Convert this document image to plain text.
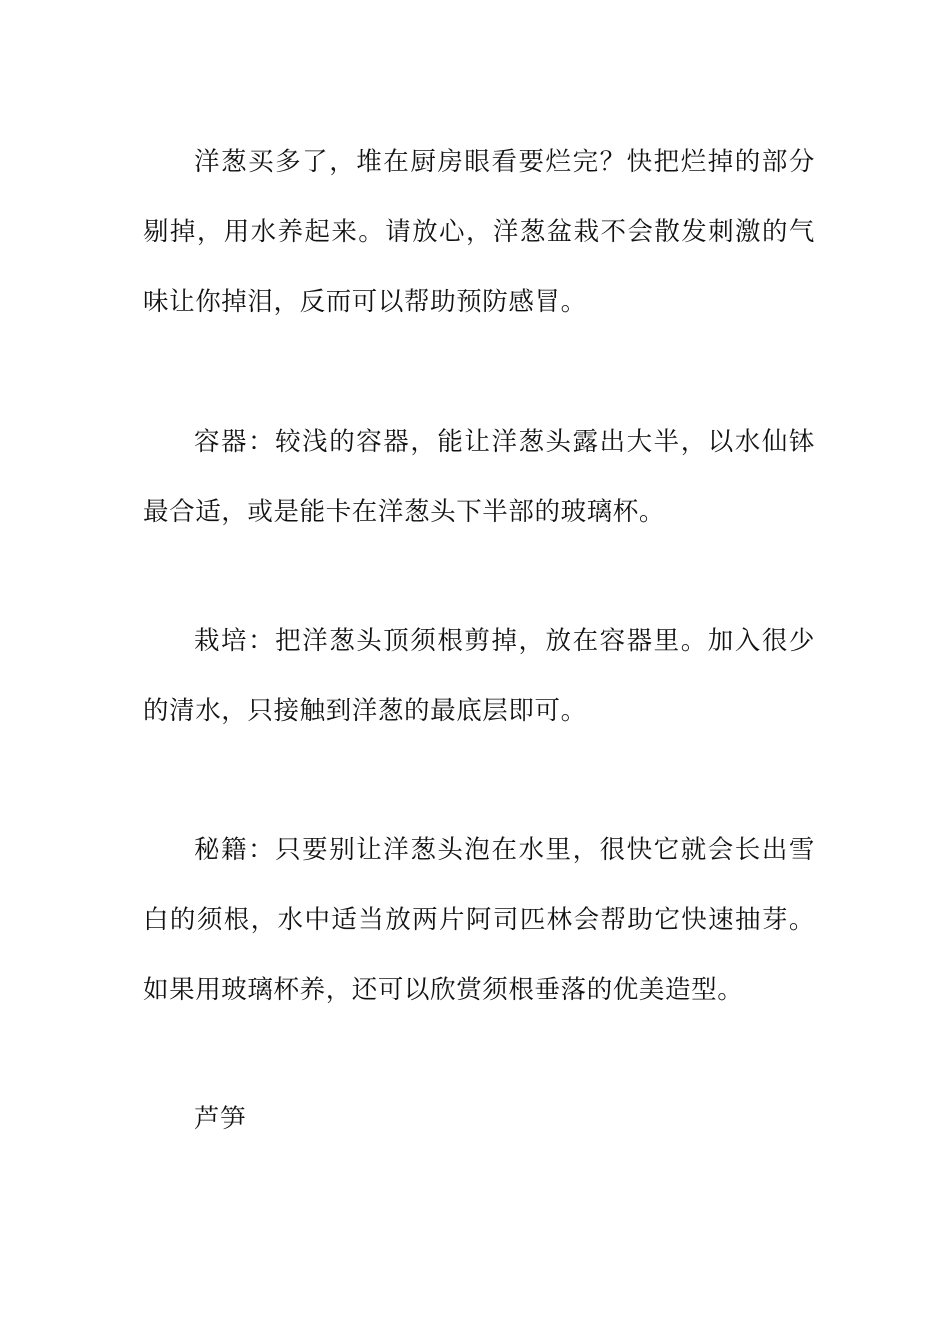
洋葱买多了，堆在厨房眼看要烂完？快把烂掉的部分剔掉，用水养起来。请放心，洋葱盆栽不会散发刺激的气味让你掉泪，反而可以帮助预防感冒。

容器：较浅的容器，能让洋葱头露出大半，以水仙钵最合适，或是能卡在洋葱头下半部的玻璃杯。

栽培：把洋葱头顶须根剪掉，放在容器里。加入很少的清水，只接触到洋葱的最底层即可。

秘籍：只要别让洋葱头泡在水里，很快它就会长出雪白的须根，水中适当放两片阿司匹林会帮助它快速抽芽。如果用玻璃杯养，还可以欣赏须根垂落的优美造型。

芦笋
